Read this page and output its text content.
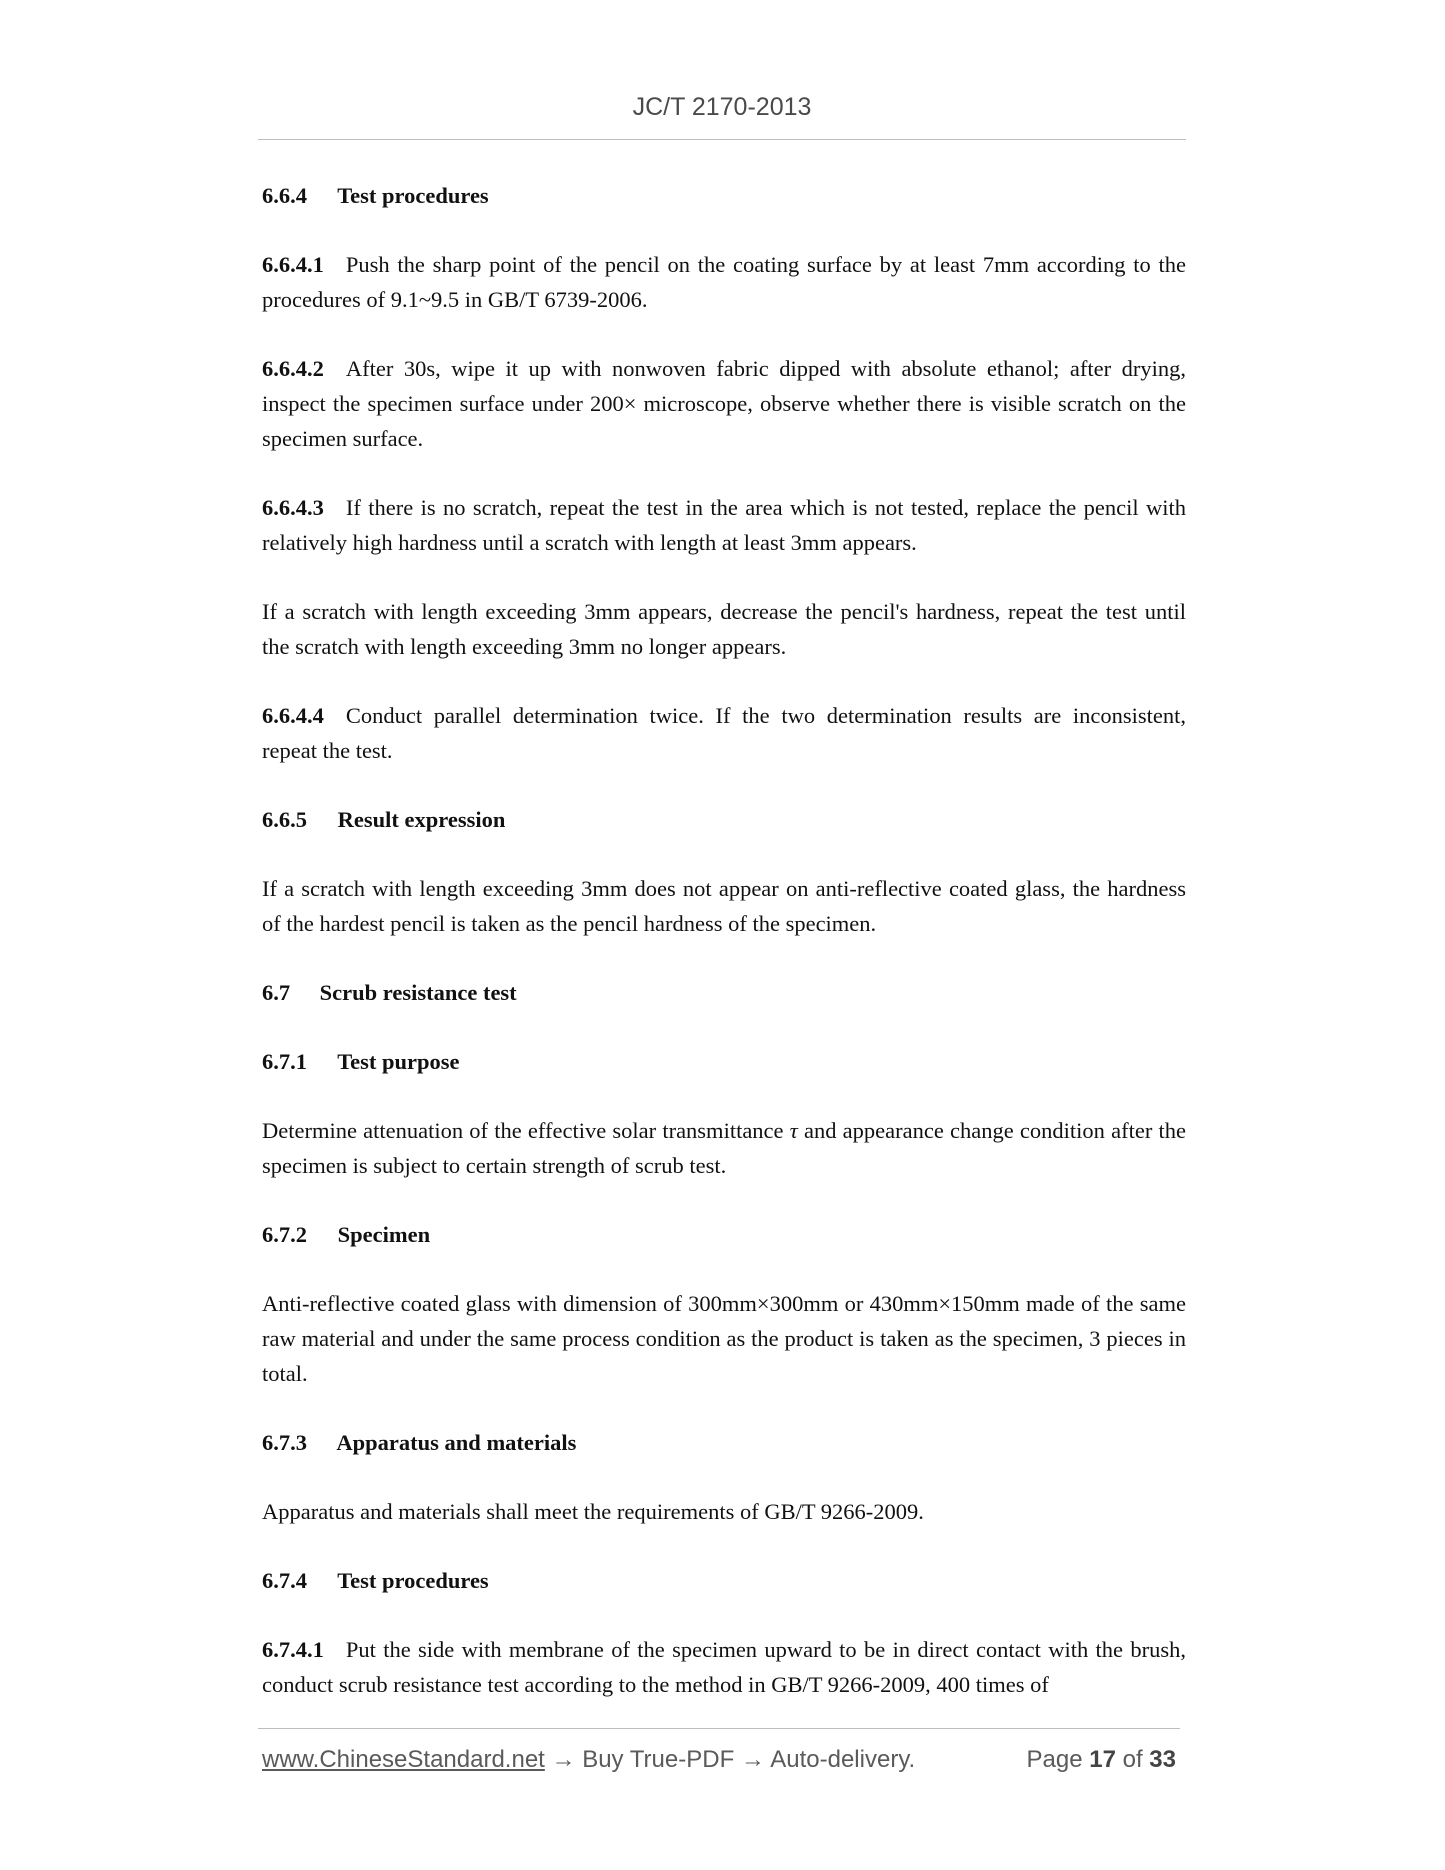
JC/T 2170-2013
6.6.4 Test procedures
6.6.4.1 Push the sharp point of the pencil on the coating surface by at least 7mm according to the procedures of 9.1~9.5 in GB/T 6739-2006.
6.6.4.2 After 30s, wipe it up with nonwoven fabric dipped with absolute ethanol; after drying, inspect the specimen surface under 200× microscope, observe whether there is visible scratch on the specimen surface.
6.6.4.3 If there is no scratch, repeat the test in the area which is not tested, replace the pencil with relatively high hardness until a scratch with length at least 3mm appears.
If a scratch with length exceeding 3mm appears, decrease the pencil's hardness, repeat the test until the scratch with length exceeding 3mm no longer appears.
6.6.4.4 Conduct parallel determination twice. If the two determination results are inconsistent, repeat the test.
6.6.5 Result expression
If a scratch with length exceeding 3mm does not appear on anti-reflective coated glass, the hardness of the hardest pencil is taken as the pencil hardness of the specimen.
6.7 Scrub resistance test
6.7.1 Test purpose
Determine attenuation of the effective solar transmittance τ and appearance change condition after the specimen is subject to certain strength of scrub test.
6.7.2 Specimen
Anti-reflective coated glass with dimension of 300mm×300mm or 430mm×150mm made of the same raw material and under the same process condition as the product is taken as the specimen, 3 pieces in total.
6.7.3 Apparatus and materials
Apparatus and materials shall meet the requirements of GB/T 9266-2009.
6.7.4 Test procedures
6.7.4.1 Put the side with membrane of the specimen upward to be in direct contact with the brush, conduct scrub resistance test according to the method in GB/T 9266-2009, 400 times of
www.ChineseStandard.net → Buy True-PDF → Auto-delivery.	Page 17 of 33
